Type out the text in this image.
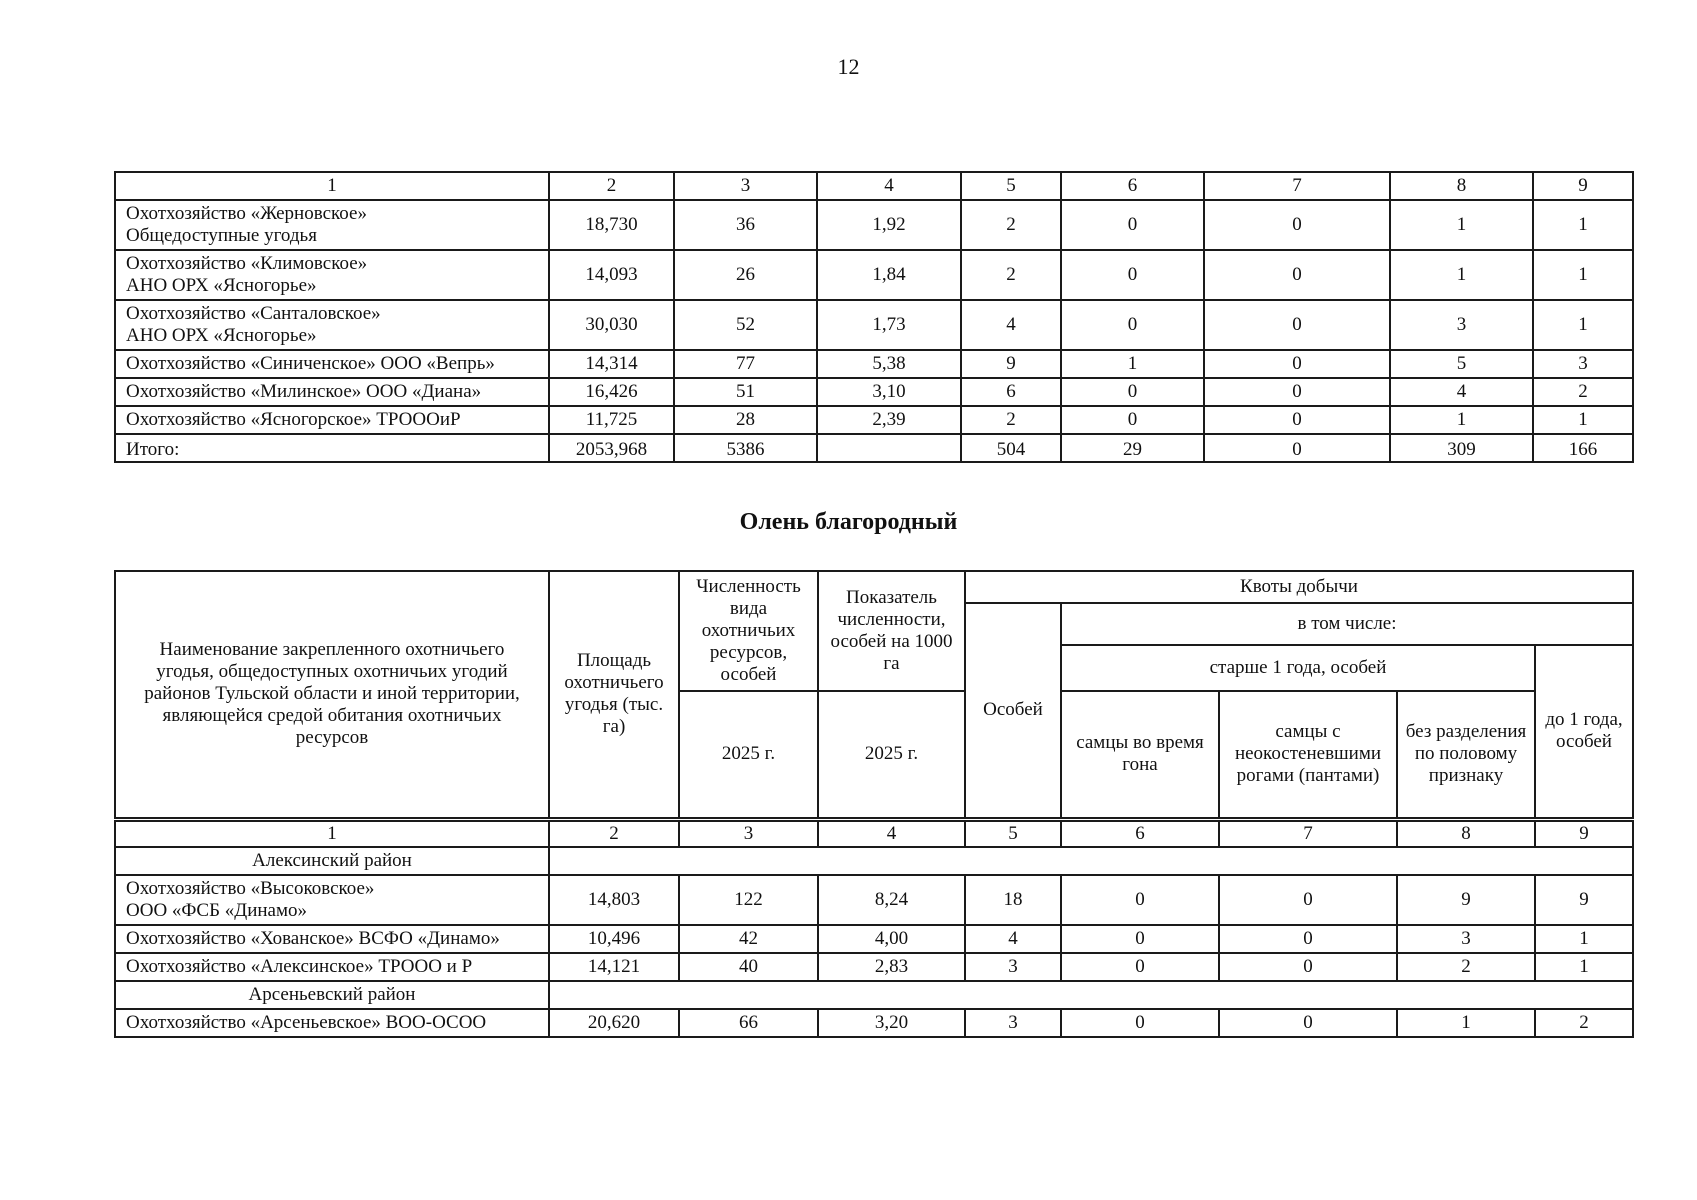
12
1	2	3	4	5	6	7	8	9

Охотхозяйство «Жерновское»
Общедоступные угодья	18,730	36	1,92	2	0	0	1	1

Охотхозяйство «Климовское»
АНО ОРХ «Ясногорье»	14,093	26	1,84	2	0	0	1	1

Охотхозяйство «Санталовское»
АНО ОРХ «Ясногорье»	30,030	52	1,73	4	0	0	3	1

Охотхозяйство «Синиченское» ООО «Вепрь»	14,314	77	5,38	9	1	0	5	3

Охотхозяйство «Милинское» ООО «Диана»	16,426	51	3,10	6	0	0	4	2

Охотхозяйство «Ясногорское» ТРОООиР	11,725	28	2,39	2	0	0	1	1
Итого:	2053,968	5386		504	29	0	309	166
Олень благородный
Наименование закрепленного охотничьего угодья, общедоступных охотничьих угодий районов Тульской области и иной территории, являющейся средой обитания охотничьих ресурсов	Площадь охотничьего угодья (тыс. га)	Численность вида охотничьих ресурсов, особей	Показатель численности, особей на 1000 га	Квоты добычи				
				Особей	в том числе:			
					старше 1 года, особей			до 1 года, особей
		2025 г.	2025 г.		самцы во время гона	самцы с неокостеневшими рогами (пантами)	без разделения по половому признаку	

1	2	3	4	5	6	7	8	9
Алексинский район								

Охотхозяйство «Высоковское»
ООО «ФСБ «Динамо»	14,803	122	8,24	18	0	0	9	9

Охотхозяйство «Хованское» ВСФО «Динамо»	10,496	42	4,00	4	0	0	3	1

Охотхозяйство «Алексинское» ТРООО и Р	14,121	40	2,83	3	0	0	2	1
Арсеньевский район								

Охотхозяйство «Арсеньевское» ВОО-ОСОО	20,620	66	3,20	3	0	0	1	2
